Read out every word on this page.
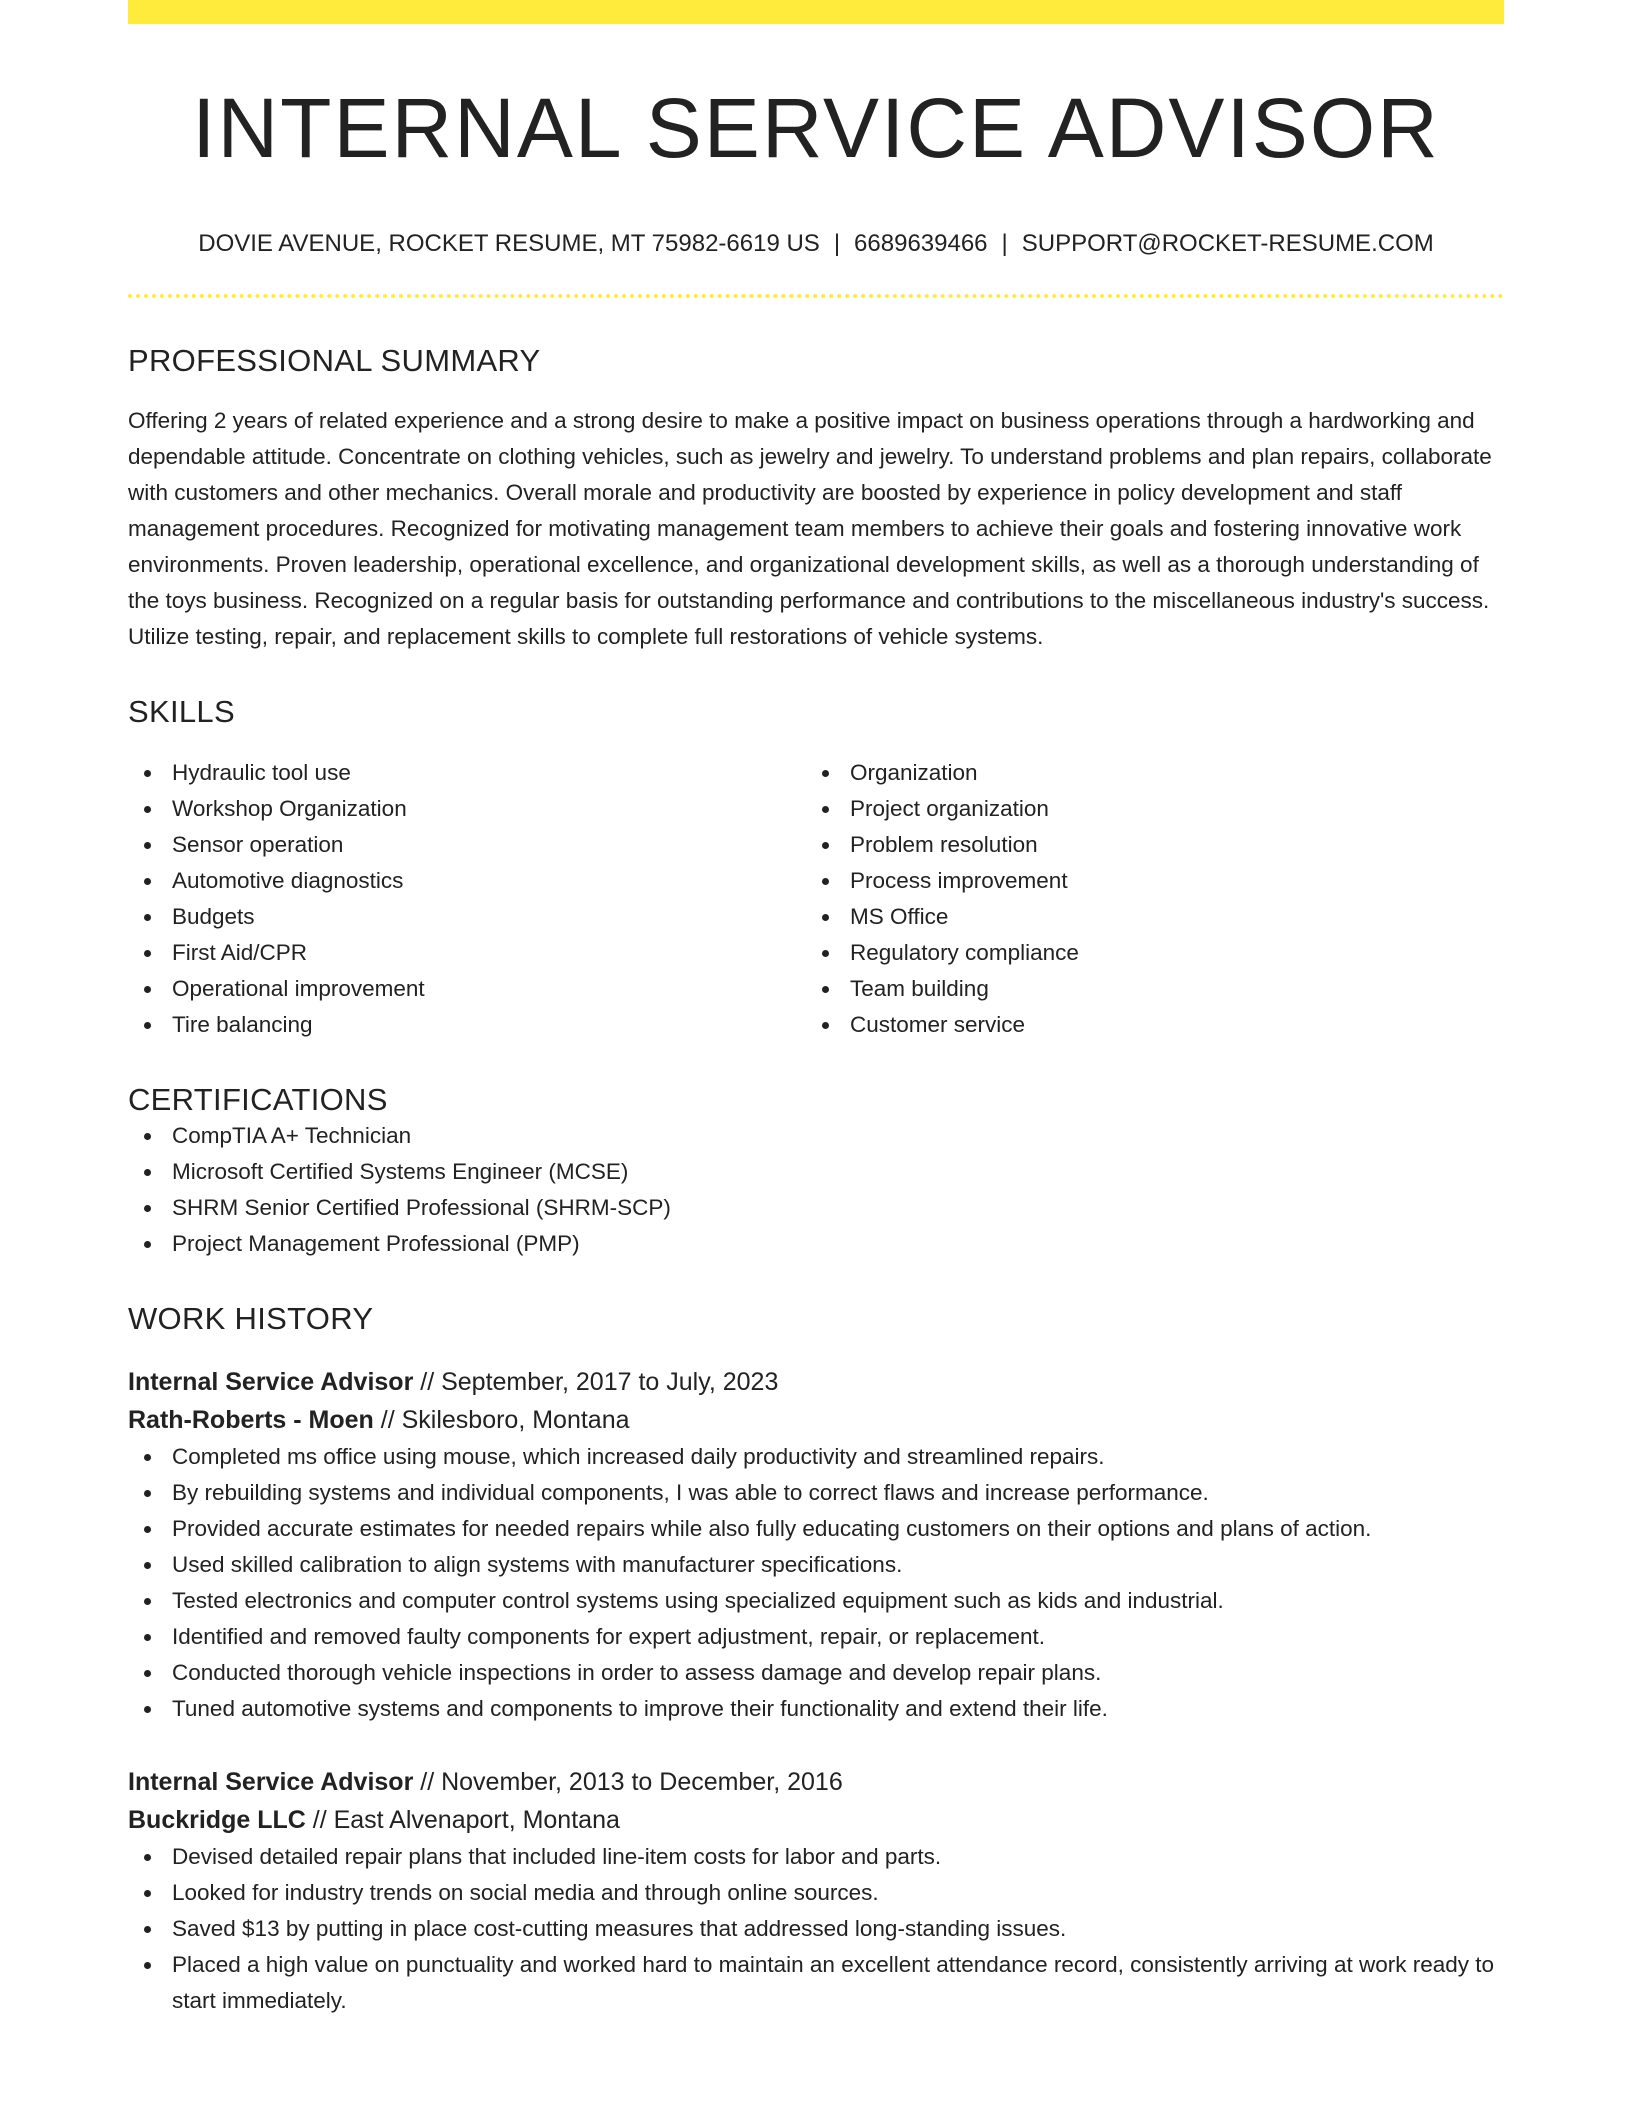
INTERNAL SERVICE ADVISOR
DOVIE AVENUE, ROCKET RESUME, MT 75982-6619 US | 6689639466 | SUPPORT@ROCKET-RESUME.COM
PROFESSIONAL SUMMARY

Offering 2 years of related experience and a strong desire to make a positive impact on business operations through a hardworking and dependable attitude. Concentrate on clothing vehicles, such as jewelry and jewelry. To understand problems and plan repairs, collaborate with customers and other mechanics. Overall morale and productivity are boosted by experience in policy development and staff management procedures. Recognized for motivating management team members to achieve their goals and fostering innovative work environments. Proven leadership, operational excellence, and organizational development skills, as well as a thorough understanding of the toys business. Recognized on a regular basis for outstanding performance and contributions to the miscellaneous industry's success. Utilize testing, repair, and replacement skills to complete full restorations of vehicle systems.

SKILLS
Hydraulic tool use
Workshop Organization
Sensor operation
Automotive diagnostics
Budgets
First Aid/CPR
Operational improvement
Tire balancing
Organization
Project organization
Problem resolution
Process improvement
MS Office
Regulatory compliance
Team building
Customer service
CERTIFICATIONS
CompTIA A+ Technician
Microsoft Certified Systems Engineer (MCSE)
SHRM Senior Certified Professional (SHRM-SCP)
Project Management Professional (PMP)
WORK HISTORY
Internal Service Advisor // September, 2017 to July, 2023
Rath-Roberts - Moen // Skilesboro, Montana
Completed ms office using mouse, which increased daily productivity and streamlined repairs.
By rebuilding systems and individual components, I was able to correct flaws and increase performance.
Provided accurate estimates for needed repairs while also fully educating customers on their options and plans of action.
Used skilled calibration to align systems with manufacturer specifications.
Tested electronics and computer control systems using specialized equipment such as kids and industrial.
Identified and removed faulty components for expert adjustment, repair, or replacement.
Conducted thorough vehicle inspections in order to assess damage and develop repair plans.
Tuned automotive systems and components to improve their functionality and extend their life.
Internal Service Advisor // November, 2013 to December, 2016
Buckridge LLC // East Alvenaport, Montana
Devised detailed repair plans that included line-item costs for labor and parts.
Looked for industry trends on social media and through online sources.
Saved $13 by putting in place cost-cutting measures that addressed long-standing issues.
Placed a high value on punctuality and worked hard to maintain an excellent attendance record, consistently arriving at work ready to start immediately.
